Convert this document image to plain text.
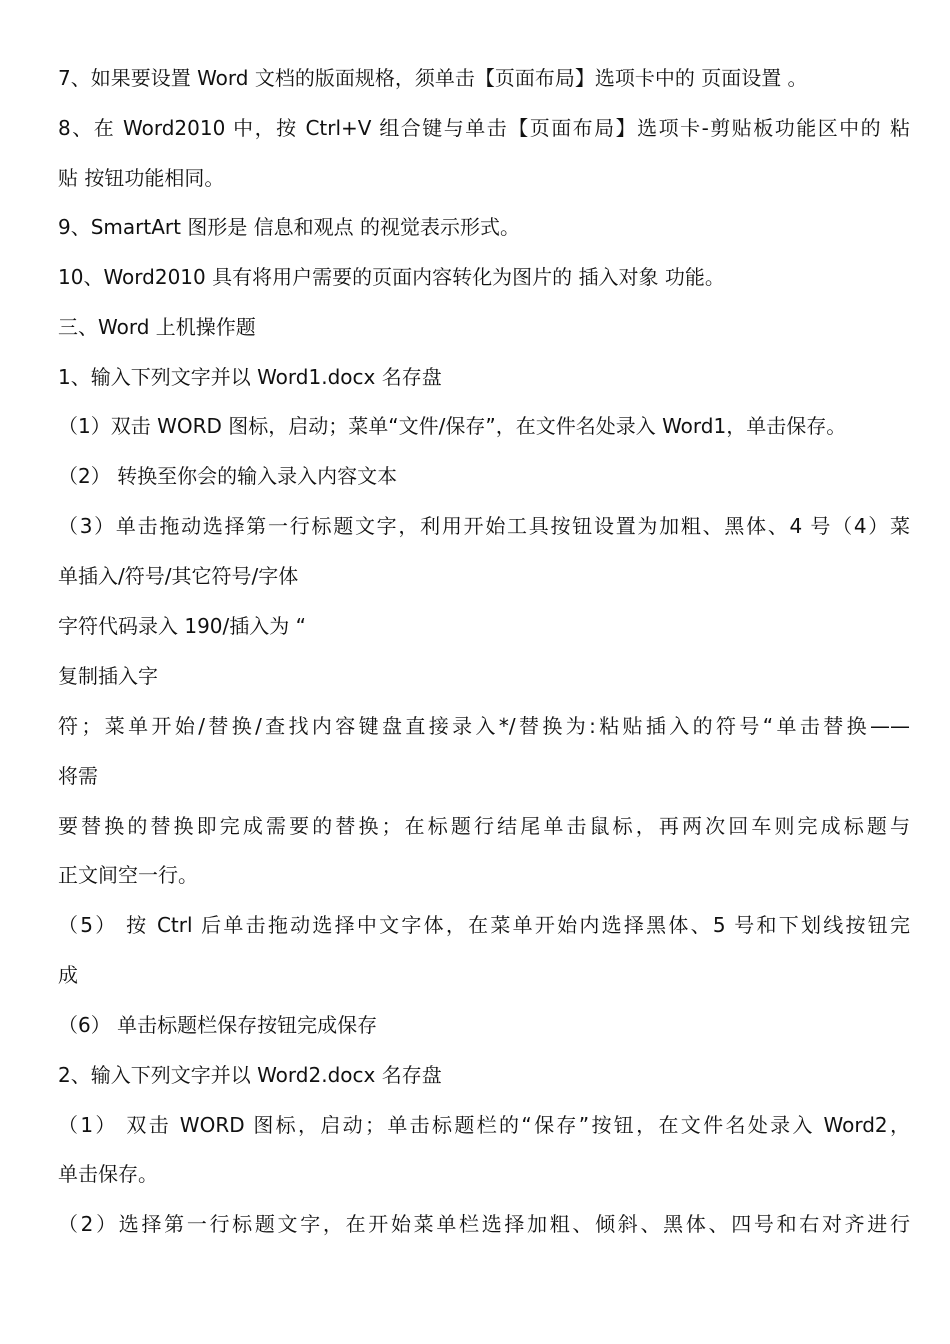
7、如果要设置 Word 文档的版面规格，须单击【页面布局】选项卡中的 页面设置 。
8、在 Word2010 中，按 Ctrl+V 组合键与单击【页面布局】选项卡-剪贴板功能区中的 粘
贴 按钮功能相同。
9、SmartArt 图形是 信息和观点 的视觉表示形式。
10、Word2010 具有将用户需要的页面内容转化为图片的 插入对象 功能。
三、Word 上机操作题
1、输入下列文字并以 Word1.docx 名存盘
（1）双击 WORD 图标，启动；菜单“文件/保存”，在文件名处录入 Word1，单击保存。
（2） 转换至你会的输入录入内容文本
（3）单击拖动选择第一行标题文字，利用开始工具按钮设置为加粗、黑体、4 号（4）菜
单插入/符号/其它符号/字体
字符代码录入 190/插入为 “
复制插入字
符；菜单开始/替换/查找内容键盘直接录入*/替换为:粘贴插入的符号“单击替换——
将需
要替换的替换即完成需要的替换；在标题行结尾单击鼠标，再两次回车则完成标题与
正文间空一行。
（5） 按 Ctrl 后单击拖动选择中文字体，在菜单开始内选择黑体、5 号和下划线按钮完
成
（6） 单击标题栏保存按钮完成保存
2、输入下列文字并以 Word2.docx 名存盘
（1） 双击 WORD 图标，启动；单击标题栏的“保存”按钮，在文件名处录入 Word2，
单击保存。
（2）选择第一行标题文字，在开始菜单栏选择加粗、倾斜、黑体、四号和右对齐进行
